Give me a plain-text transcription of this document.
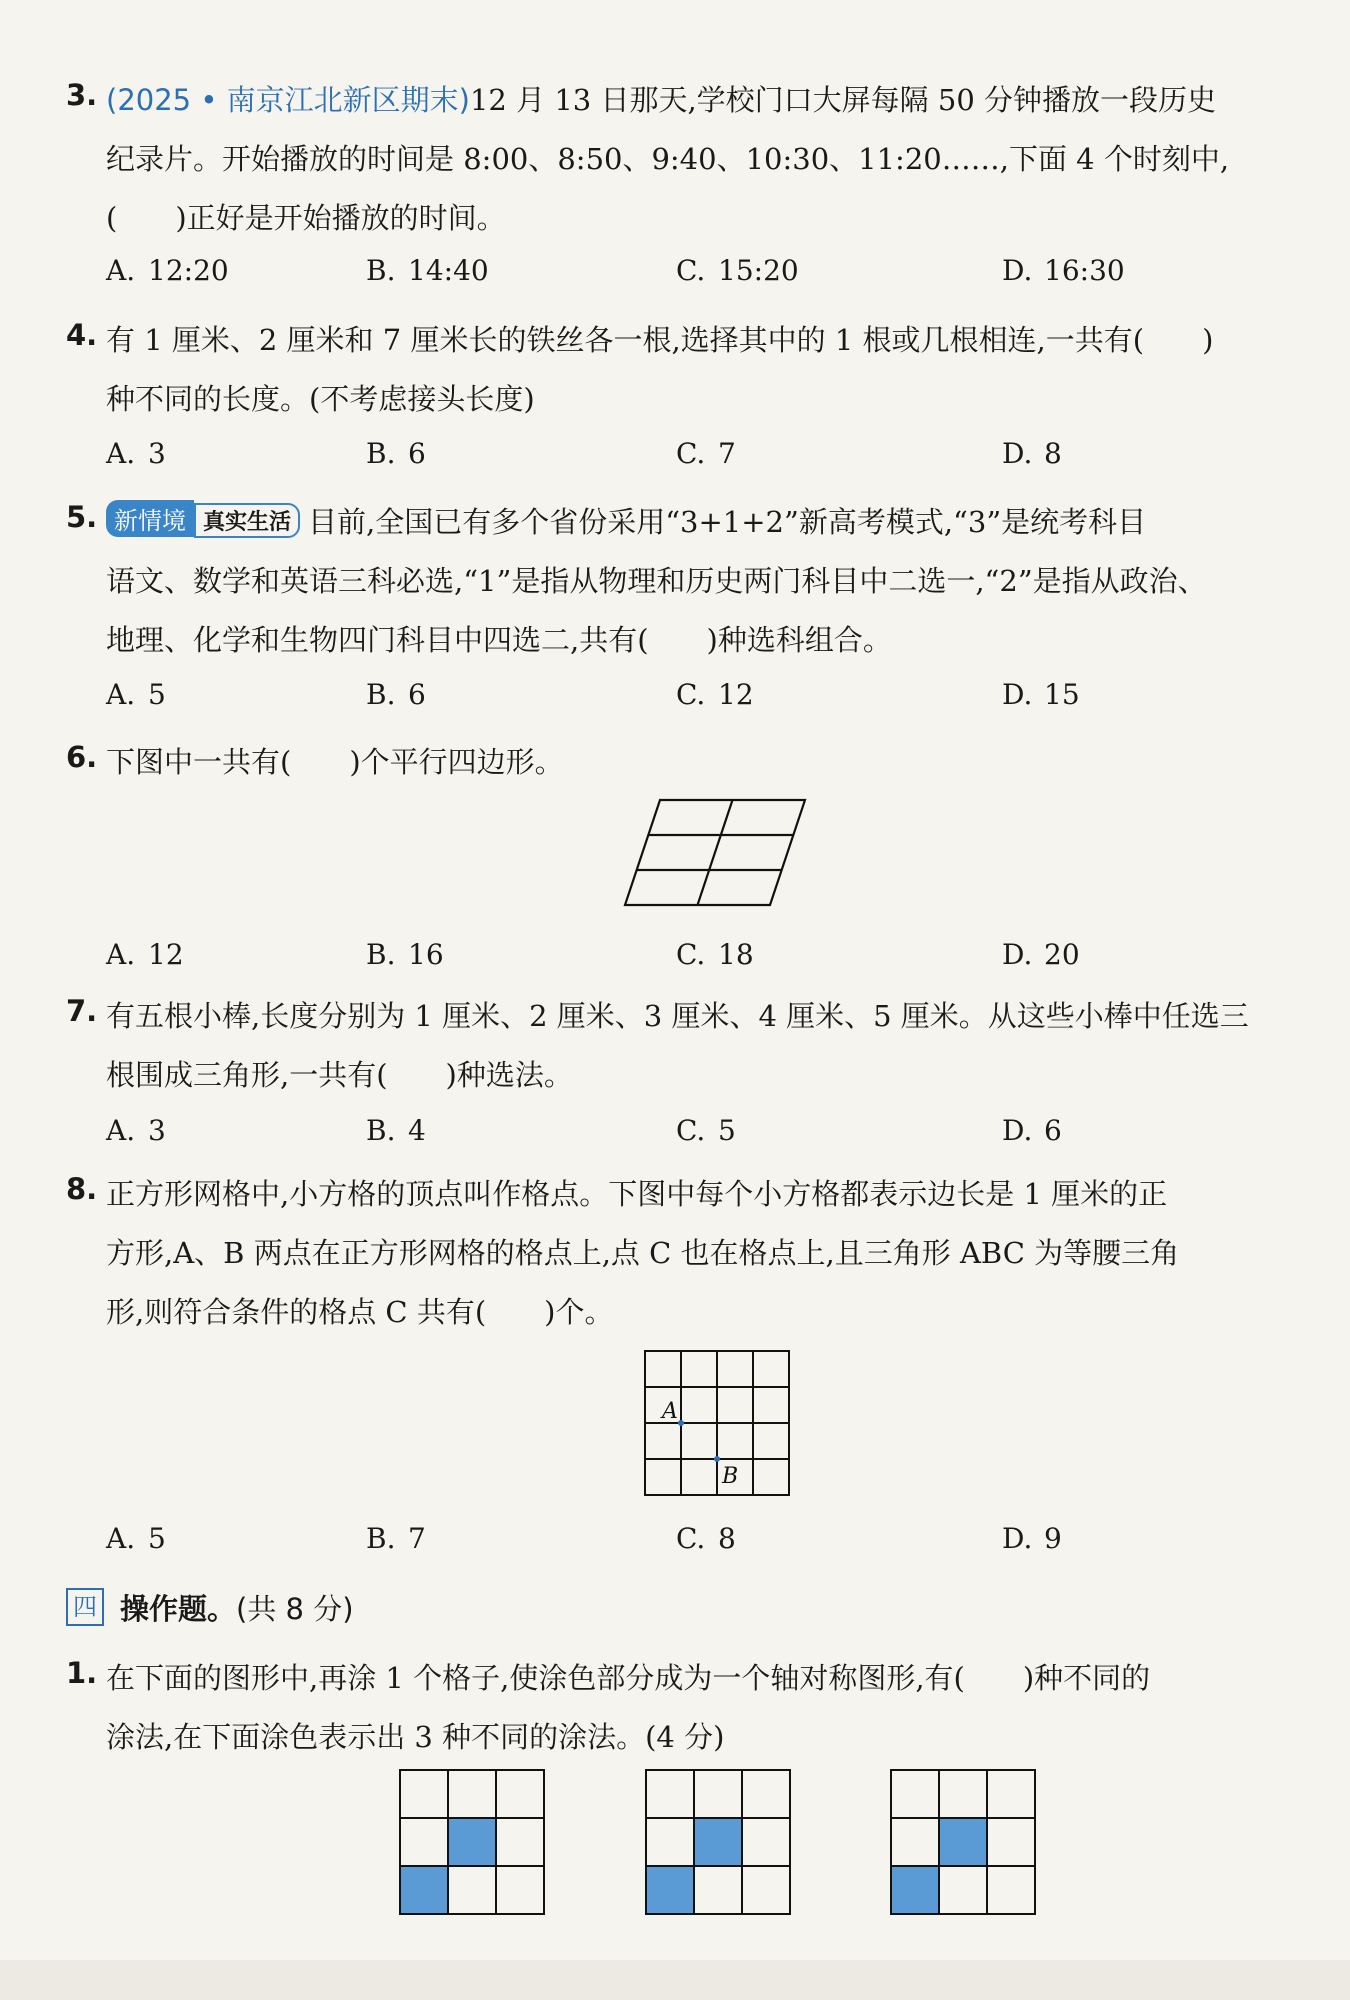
3. (2025 • 南京江北新区期末)12 月 13 日那天,学校门口大屏每隔 50 分钟播放一段历史
纪录片。开始播放的时间是 8:00、8:50、9:40、10:30、11:20……,下面 4 个时刻中,
(　　)正好是开始播放的时间。
A. 12:20	B. 14:40	C. 15:20	D. 16:30
4. 有 1 厘米、2 厘米和 7 厘米长的铁丝各一根,选择其中的 1 根或几根相连,一共有(　　)
种不同的长度。(不考虑接头长度)
A. 3	B. 6	C. 7	D. 8
5. 新情境 真实生活 目前,全国已有多个省份采用“3+1+2”新高考模式,“3”是统考科目
语文、数学和英语三科必选,“1”是指从物理和历史两门科目中二选一,“2”是指从政治、
地理、化学和生物四门科目中四选二,共有(　　)种选科组合。
A. 5	B. 6	C. 12	D. 15
6. 下图中一共有(　　)个平行四边形。
A. 12	B. 16	C. 18	D. 20
7. 有五根小棒,长度分别为 1 厘米、2 厘米、3 厘米、4 厘米、5 厘米。从这些小棒中任选三
根围成三角形,一共有(　　)种选法。
A. 3	B. 4	C. 5	D. 6
8. 正方形网格中,小方格的顶点叫作格点。下图中每个小方格都表示边长是 1 厘米的正
方形,A、B 两点在正方形网格的格点上,点 C 也在格点上,且三角形 ABC 为等腰三角
形,则符合条件的格点 C 共有(　　)个。
A
B
A. 5	B. 7	C. 8	D. 9
四 操作题。(共 8 分)
1. 在下面的图形中,再涂 1 个格子,使涂色部分成为一个轴对称图形,有(　　)种不同的
涂法,在下面涂色表示出 3 种不同的涂法。(4 分)
